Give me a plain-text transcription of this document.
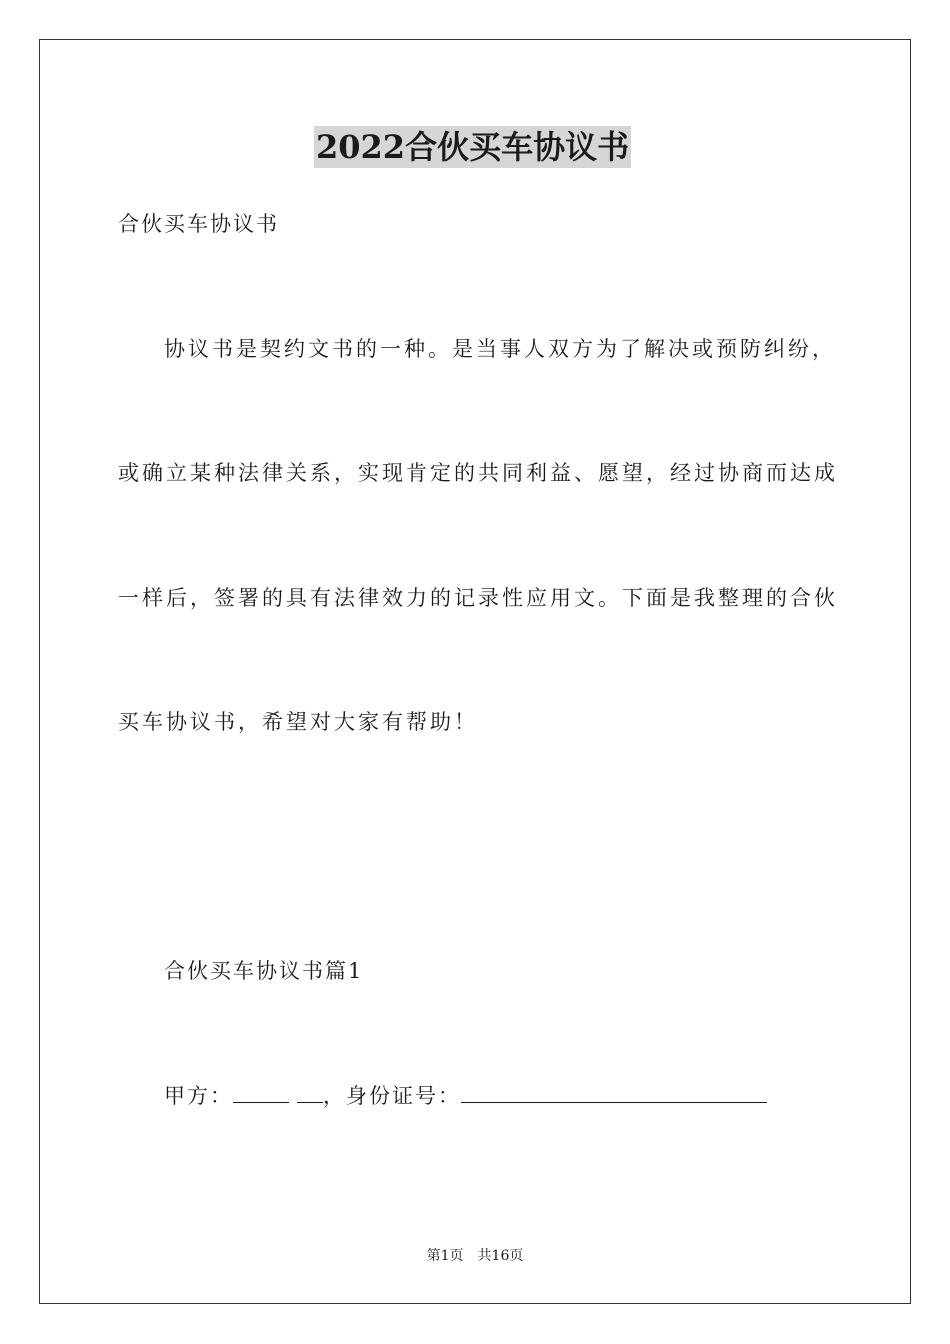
2022合伙买车协议书
合伙买车协议书
协议书是契约文书的一种。是当事人双方为了解决或预防纠纷，
或确立某种法律关系，实现肯定的共同利益、愿望，经过协商而达成
一样后，签署的具有法律效力的记录性应用文。下面是我整理的合伙
买车协议书，希望对大家有帮助！
合伙买车协议书篇1
甲方：	，身份证号：
第1页 共16页
